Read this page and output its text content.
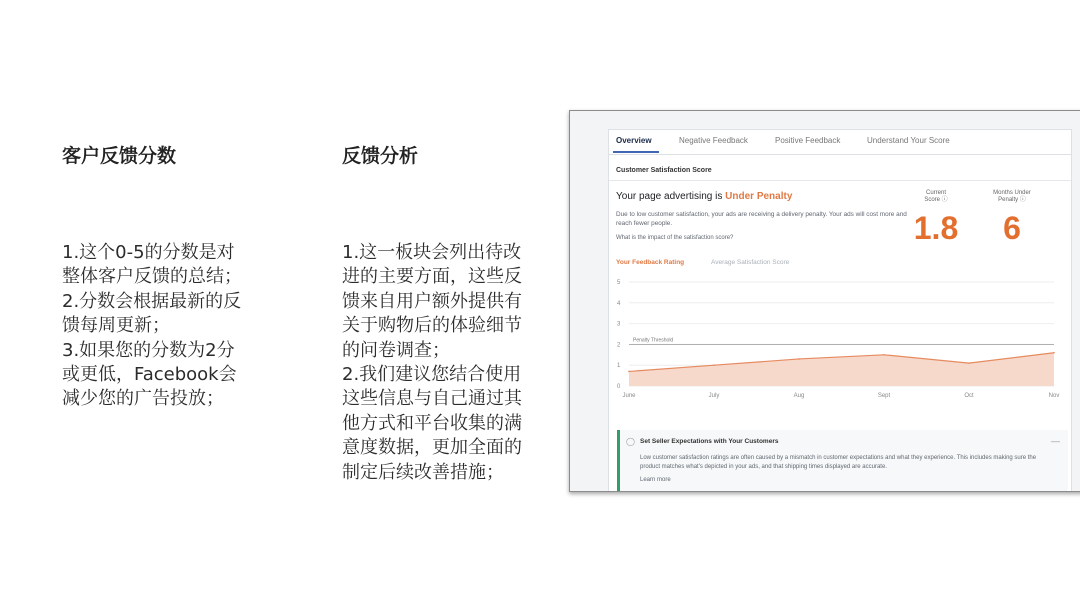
客户反馈分数
1.这个0-5的分数是对
整体客户反馈的总结；
2.分数会根据最新的反
馈每周更新；
3.如果您的分数为2分
或更低，Facebook会
减少您的广告投放；
反馈分析
1.这一板块会列出待改
进的主要方面，这些反
馈来自用户额外提供有
关于购物后的体验细节
的问卷调查；
2.我们建议您结合使用
这些信息与自己通过其
他方式和平台收集的满
意度数据，更加全面的
制定后续改善措施；
Overview	Negative Feedback	Positive Feedback	Understand Your Score
Customer Satisfaction Score
Your page advertising is Under Penalty
Due to low customer satisfaction, your ads are receiving a delivery penalty. Your ads will cost more and reach fewer people.
What is the impact of the satisfaction score?
Current
Score ⓘ
1.8
Months Under
Penalty ⓘ
6
Your Feedback Rating	Average Satisfaction Score
0
1
2
3
4
5
Penalty Threshold
June	July	Aug	Sept	Oct	Nov
◯ Set Seller Expectations with Your Customers
Low customer satisfaction ratings are often caused by a mismatch in customer expectations and what they experience. This includes making sure the product matches what's depicted in your ads, and that shipping times displayed are accurate.
Learn more
—
